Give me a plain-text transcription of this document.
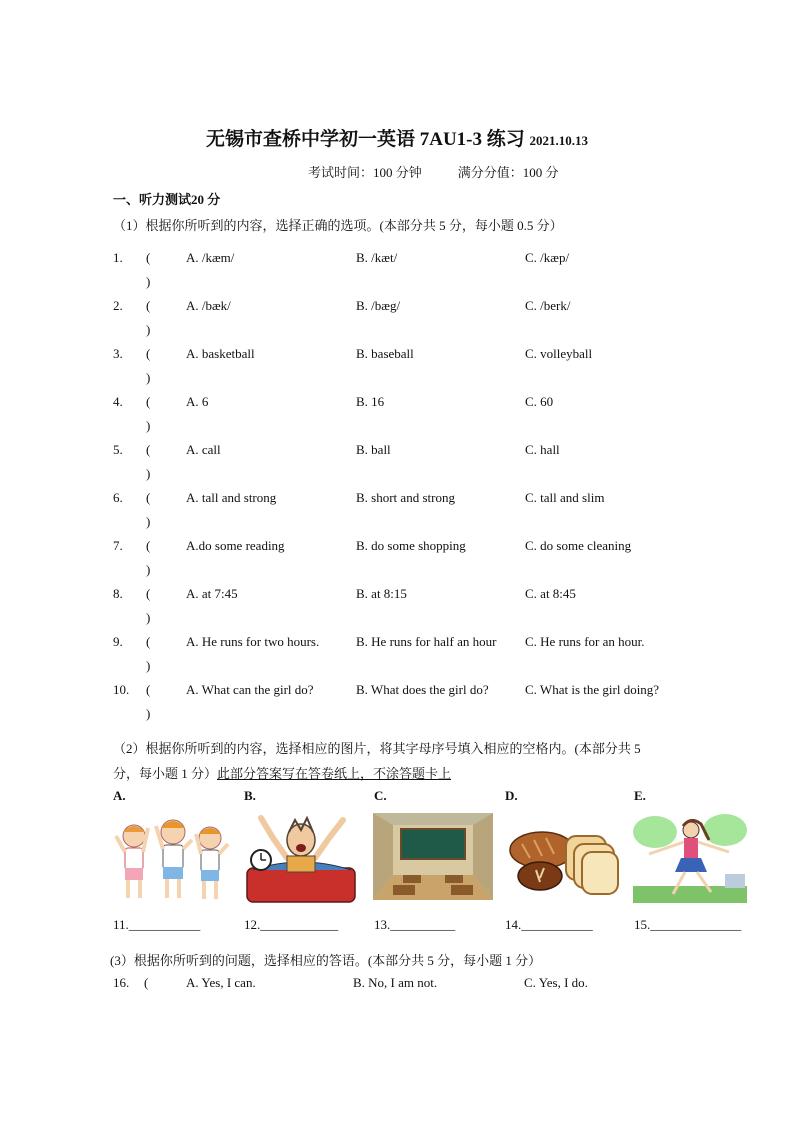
无锡市查桥中学初一英语 7AU1-3 练习 2021.10.13
考试时间：100 分钟	满分分值：100 分
一、听力测试20 分
（1）根据你所听到的内容，选择正确的选项。(本部分共 5 分，每小题 0.5 分）
1. (
)
A. /kæm/	B. /kæt/	C. /kæp/
2. (
)
A. /bæk/	B. /bæg/	C. /berk/
3. (
)
A. basketball	B. baseball	C. volleyball
4. (
)
A. 6	B. 16	C. 60
5. (
)
A. call	B. ball	C. hall
6. (
)
A. tall and strong	B. short and strong	C. tall and slim
7. (
)
A.do some reading	B. do some shopping	C. do some cleaning
8. (
)
A. at 7:45	B. at 8:15	C. at 8:45
9. (
)
A. He runs for two hours.	B. He runs for half an hour C. He runs for an hour.
10. (
)
A. What can the girl do?	B. What does the girl do?	C. What is the girl doing?
（2）根据你所听到的内容，选择相应的图片，将其字母序号填入相应的空格内。(本部分共 5
分，每小题 1 分）此部分答案写在答卷纸上，不涂答题卡上
A.	B.	C.	D.	E.
11.___________	12.____________	13.__________	14.___________	15.______________
(3）根据你所听到的问题，选择相应的答语。(本部分共 5 分，每小题 1 分）
16. (	A. Yes, I can.	B. No, I am not.	C. Yes, I do.
